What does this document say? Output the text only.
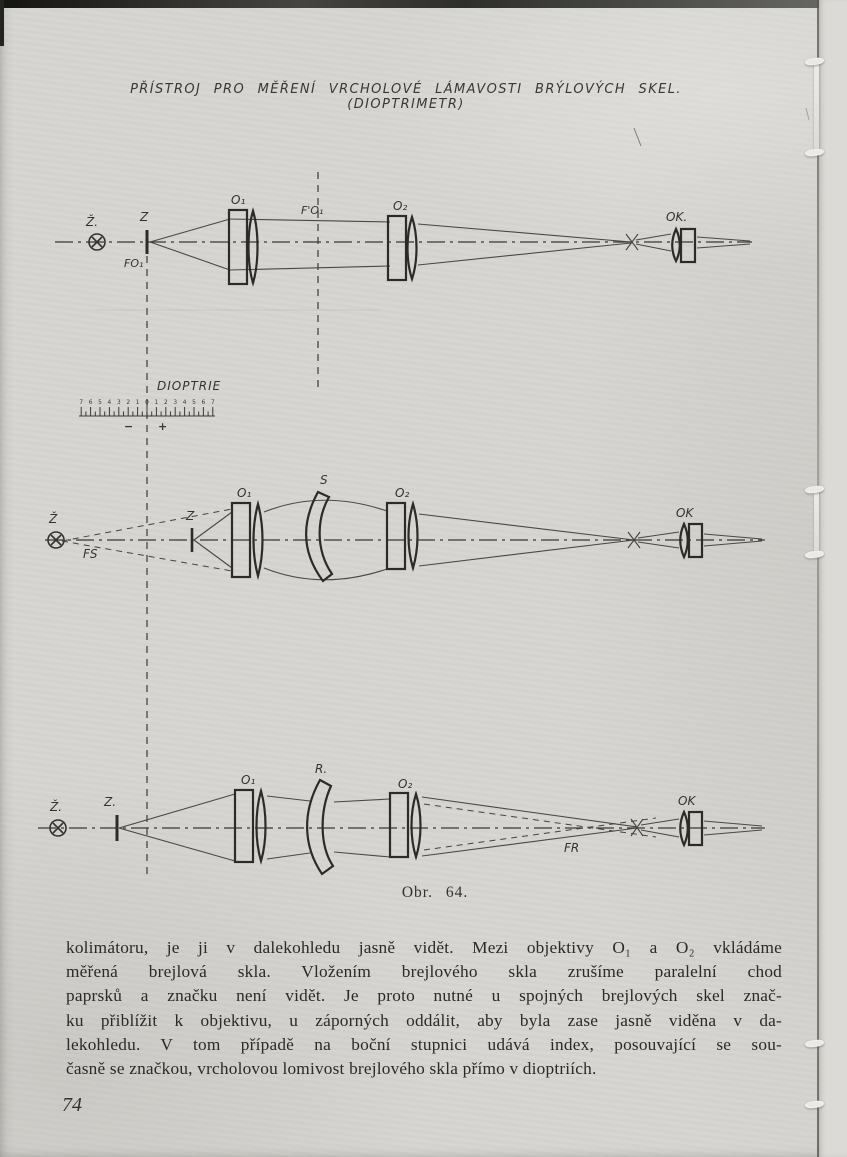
PŘÍSTROJ PRO MĚŘENÍ VRCHOLOVÉ LÁMAVOSTI BRÝLOVÝCH SKEL. (DIOPTRIMETR)
Ž.	Z
FO₁
F'O₁
O₁	O₂
OK.
DIOPTRIE
7 6 5 4 3 2 1 0 1 2 3 4 5 6 7
− +
Ž
FS
Z
O₁
S
O₂
OK
Ž.	Z.
FR
O₁
R.
O₂
OK
Obr. 64.
kolimátoru, je ji v dalekohledu jasně vidět. Mezi objektivy O₁ a O₂ vkládáme
měřená brejlová skla. Vložením brejlového skla zrušíme paralelní chod
paprsků a značku není vidět. Je proto nutné u spojných brejlových skel znač-
ku přiblížit k objektivu, u záporných oddálit, aby byla zase jasně viděna v da-
lekohledu. V tom případě na boční stupnici udává index, posouvající se sou-
časně se značkou, vrcholovou lomivost brejlového skla přímo v dioptriích.
74
